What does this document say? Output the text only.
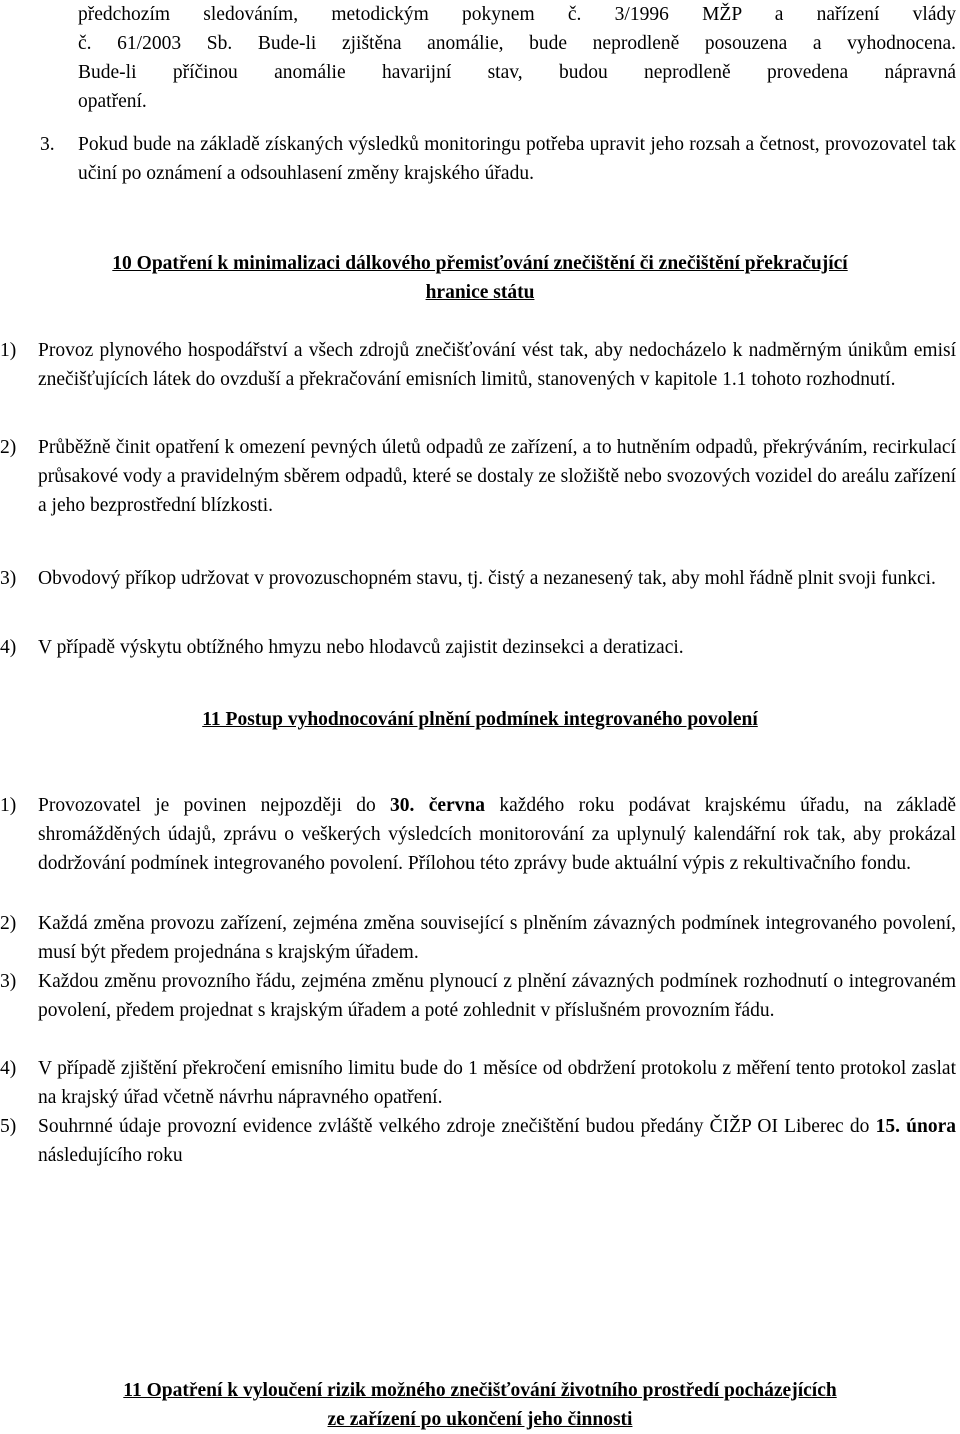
předchozím sledováním, metodickým pokynem č. 3/1996 MŽP a nařízení vlády
č. 61/2003 Sb. Bude-li zjištěna anomálie, bude neprodleně posouzena a vyhodnocena.
Bude-li příčinou anomálie havarijní stav, budou neprodleně provedena nápravná
opatření.
3.	Pokud bude na základě získaných výsledků monitoringu potřeba upravit jeho rozsah a četnost, provozovatel tak učiní po oznámení a odsouhlasení změny krajského úřadu.
10 Opatření k minimalizaci dálkového přemisťování znečištění či znečištění překračující
hranice státu
1)	Provoz plynového hospodářství a všech zdrojů znečišťování vést tak, aby nedocházelo k nadměrným únikům emisí znečišťujících látek do ovzduší a překračování emisních limitů, stanovených v kapitole 1.1 tohoto rozhodnutí.
2)	Průběžně činit opatření k omezení pevných úletů odpadů ze zařízení, a to hutněním odpadů, překrýváním, recirkulací průsakové vody a pravidelným sběrem odpadů, které se dostaly ze složiště nebo svozových vozidel do areálu zařízení a jeho bezprostřední blízkosti.
3)	Obvodový příkop udržovat v provozuschopném stavu, tj. čistý a nezanesený tak, aby mohl řádně plnit svoji funkci.
4)	V případě výskytu obtížného hmyzu nebo hlodavců zajistit dezinsekci a deratizaci.
11 Postup vyhodnocování plnění podmínek integrovaného povolení
1)	Provozovatel je povinen nejpozději do 30. června každého roku podávat krajskému úřadu, na základě shromážděných údajů, zprávu o veškerých výsledcích monitorování za uplynulý kalendářní rok tak, aby prokázal dodržování podmínek integrovaného povolení. Přílohou této zprávy bude aktuální výpis z rekultivačního fondu.
2)	Každá změna provozu zařízení, zejména změna související s plněním závazných podmínek integrovaného povolení, musí být předem projednána s krajským úřadem.
3)	Každou změnu provozního řádu, zejména změnu plynoucí z plnění závazných podmínek rozhodnutí o integrovaném povolení, předem projednat s krajským úřadem a poté zohlednit v příslušném provozním řádu.
4)	V případě zjištění překročení emisního limitu bude do 1 měsíce od obdržení protokolu z měření tento protokol zaslat na krajský úřad včetně návrhu nápravného opatření.
5)	Souhrnné údaje provozní evidence zvláště velkého zdroje znečištění budou předány ČIŽP OI Liberec do 15. února následujícího roku
11 Opatření k vyloučení rizik možného znečišťování životního prostředí pocházejících
ze zařízení po ukončení jeho činnosti
